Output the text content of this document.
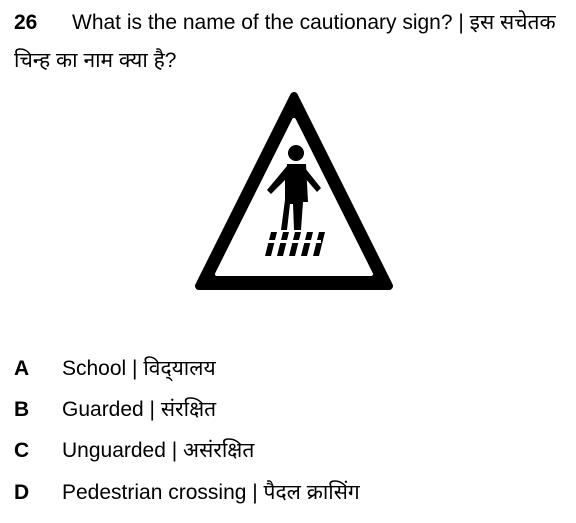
26 What is the name of the cautionary sign? | इस सचेतक चिन्ह का नाम क्या है?
A School | विद्‌यालय
B Guarded | संरक्षित
C Unguarded | असंरक्षित
D Pedestrian crossing | पैदल क्रासिंग
